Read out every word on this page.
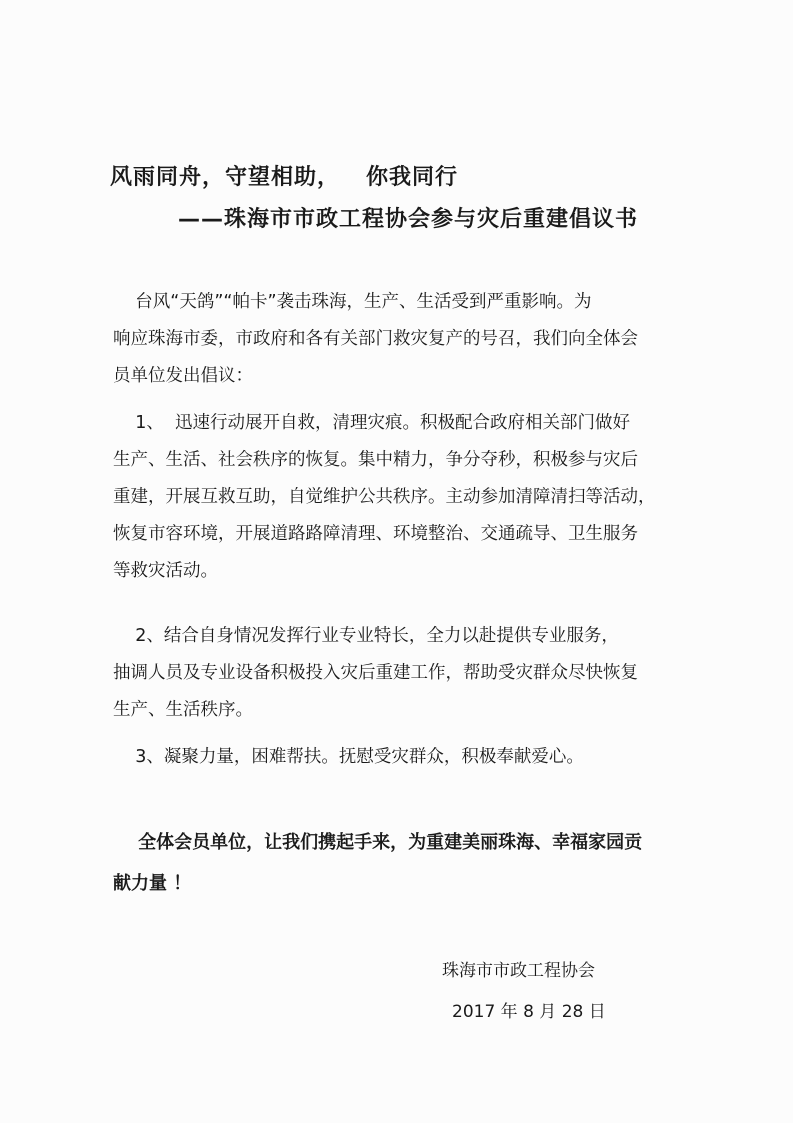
风雨同舟，守望相助，   你我同行
——珠海市市政工程协会参与灾后重建倡议书
台风“天鸽”“帕卡”袭击珠海，生产、生活受到严重影响。为
响应珠海市委，市政府和各有关部门救灾复产的号召，我们向全体会
员单位发出倡议：
1、  迅速行动展开自救，清理灾痕。积极配合政府相关部门做好
生产、生活、社会秩序的恢复。集中精力，争分夺秒，积极参与灾后
重建，开展互救互助，自觉维护公共秩序。主动参加清障清扫等活动，
恢复市容环境，开展道路路障清理、环境整治、交通疏导、卫生服务
等救灾活动。
2、结合自身情况发挥行业专业特长，全力以赴提供专业服务，
抽调人员及专业设备积极投入灾后重建工作，帮助受灾群众尽快恢复
生产、生活秩序。
3、凝聚力量，困难帮扶。抚慰受灾群众，积极奉献爱心。
全体会员单位，让我们携起手来，为重建美丽珠海、幸福家园贡
献力量 ！
珠海市市政工程协会
2017 年 8 月 28 日
